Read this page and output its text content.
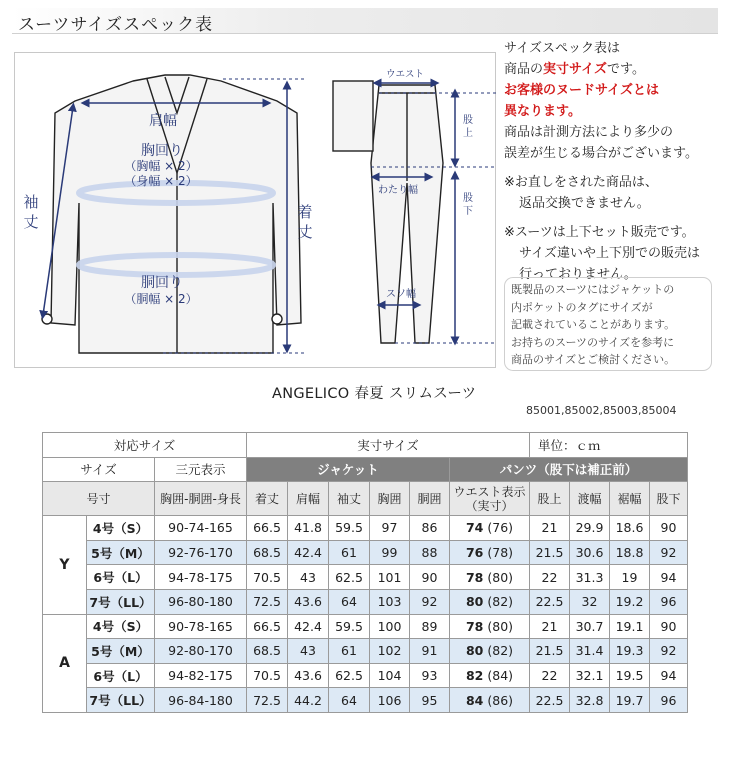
スーツサイズスペック表
肩幅
胸回り
（胸幅 × 2）
（身幅 × 2）
胴回り
（胴幅 × 2）
袖
丈
着
丈
ウエスト
股
上
わたり幅
股
下
スソ幅

サイズスペック表は

商品の実寸サイズです。

お客様のヌードサイズとは

異なります。

商品は計測方法により多少の

誤差が生じる場合がございます。

※お直しをされた商品は、

返品交換できません。

※スーツは上下セット販売です。

サイズ違いや上下別での販売は

行っておりません。

既製品のスーツにはジャケットの

内ポケットのタグにサイズが

記載されていることがあります。

お持ちのスーツのサイズを参考に

商品のサイズとご検討ください。

ANGELICO 春夏 スリムスーツ
85001,85002,85003,85004
対応サイズ			実寸サイズ						単位：ｃｍ			
サイズ		三元表示	ジャケット					パンツ（股下は補正前）				
号寸		胸囲-胴囲-身長	着丈	肩幅	袖丈	胸囲	胴囲	ウエスト表示
（実寸）	股上	渡幅	裾幅	股下
Y	4号（S）	90-74-165	66.5	41.8	59.5	97	86	74 (76)	21	29.9	18.6	90
	5号（M）	92-76-170	68.5	42.4	61	99	88	76 (78)	21.5	30.6	18.8	92
	6号（L）	94-78-175	70.5	43	62.5	101	90	78 (80)	22	31.3	19	94
	7号（LL）	96-80-180	72.5	43.6	64	103	92	80 (82)	22.5	32	19.2	96
A	4号（S）	90-78-165	66.5	42.4	59.5	100	89	78 (80)	21	30.7	19.1	90
	5号（M）	92-80-170	68.5	43	61	102	91	80 (82)	21.5	31.4	19.3	92
	6号（L）	94-82-175	70.5	43.6	62.5	104	93	82 (84)	22	32.1	19.5	94
	7号（LL）	96-84-180	72.5	44.2	64	106	95	84 (86)	22.5	32.8	19.7	96
